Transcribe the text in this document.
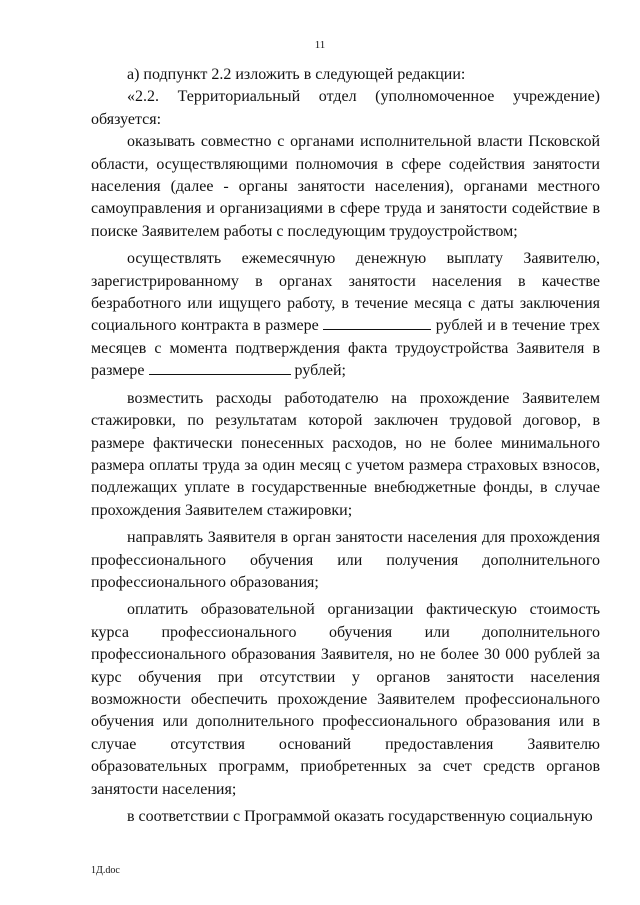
11

а) подпункт 2.2 изложить в следующей редакции:

«2.2. Территориальный отдел (уполномоченное учреждение) обязуется:

оказывать совместно с органами исполнительной власти Псковской области, осуществляющими полномочия в сфере содействия занятости населения (далее - органы занятости населения), органами местного самоуправления и организациями в сфере труда и занятости содействие в поиске Заявителем работы с последующим трудоустройством;

осуществлять ежемесячную денежную выплату Заявителю, зарегистрированному в органах занятости населения в качестве безработного или ищущего работу, в течение месяца с даты заключения социального контракта в размере	рублей и в течение трех месяцев с момента подтверждения факта трудоустройства Заявителя в размере	рублей;

возместить расходы работодателю на прохождение Заявителем стажировки, по результатам которой заключен трудовой договор, в размере фактически понесенных расходов, но не более минимального размера оплаты труда за один месяц с учетом размера страховых взносов, подлежащих уплате в государственные внебюджетные фонды, в случае прохождения Заявителем стажировки;

направлять Заявителя в орган занятости населения для прохождения профессионального обучения или получения дополнительного профессионального образования;

оплатить образовательной организации фактическую стоимость курса профессионального обучения или дополнительного профессионального образования Заявителя, но не более 30 000 рублей за курс обучения при отсутствии у органов занятости населения возможности обеспечить прохождение Заявителем профессионального обучения или дополнительного профессионального образования или в случае отсутствия оснований предоставления Заявителю образовательных программ, приобретенных за счет средств органов занятости населения;

в соответствии с Программой оказать государственную социальную

1Д.doc
